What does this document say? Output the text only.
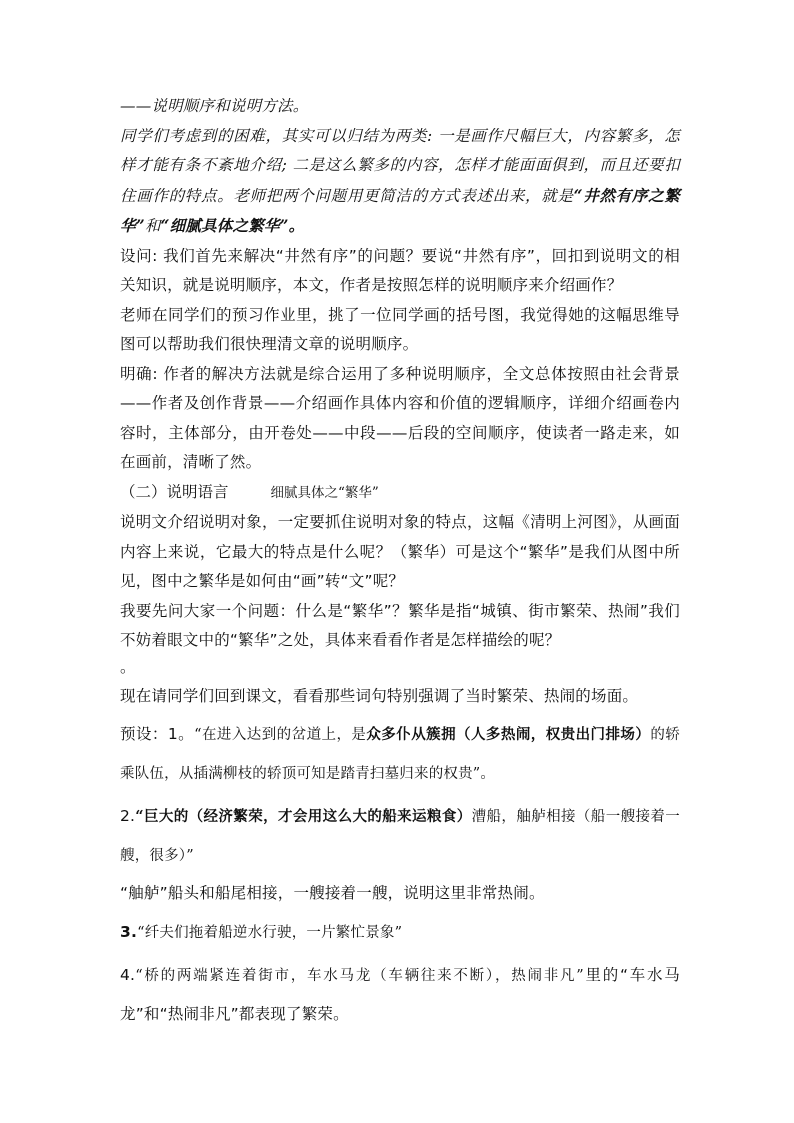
——说明顺序和说明方法。

同学们考虑到的困难，其实可以归结为两类: 一是画作尺幅巨大，内容繁多，怎样才能有条不紊地介绍; 二是这么繁多的内容，怎样才能面面俱到，而且还要扣住画作的特点。老师把两个问题用更简洁的方式表述出来，就是“井然有序之繁华”和“细腻具体之繁华”。

设问: 我们首先来解决“井然有序”的问题？要说“井然有序”，回扣到说明文的相关知识，就是说明顺序，本文，作者是按照怎样的说明顺序来介绍画作？

老师在同学们的预习作业里，挑了一位同学画的括号图，我觉得她的这幅思维导图可以帮助我们很快理清文章的说明顺序。

明确: 作者的解决方法就是综合运用了多种说明顺序，全文总体按照由社会背景——作者及创作背景——介绍画作具体内容和价值的逻辑顺序，详细介绍画卷内容时，主体部分，由开卷处——中段——后段的空间顺序，使读者一路走来，如在画前，清晰了然。

（二）说明语言	细腻具体之“繁华”

说明文介绍说明对象，一定要抓住说明对象的特点，这幅《清明上河图》，从画面内容上来说，它最大的特点是什么呢？（繁华）可是这个“繁华”是我们从图中所见，图中之繁华是如何由“画”转“文”呢？

我要先问大家一个问题：什么是“繁华”？繁华是指“城镇、街市繁荣、热闹”我们不妨着眼文中的“繁华”之处，具体来看看作者是怎样描绘的呢？

。

现在请同学们回到课文，看看那些词句特别强调了当时繁荣、热闹的场面。

预设：1。“在进入达到的岔道上，是众多仆从簇拥（人多热闹，权贵出门排场）的轿乘队伍，从插满柳枝的轿顶可知是踏青扫墓归来的权贵”。

2.“巨大的（经济繁荣，才会用这么大的船来运粮食）漕船，舳舻相接（船一艘接着一艘，很多）”

“舳舻”船头和船尾相接，一艘接着一艘，说明这里非常热闹。

3.“纤夫们拖着船逆水行驶，一片繁忙景象”

4.“桥的两端紧连着街市，车水马龙（车辆往来不断），热闹非凡”里的“车水马龙”和“热闹非凡”都表现了繁荣。
